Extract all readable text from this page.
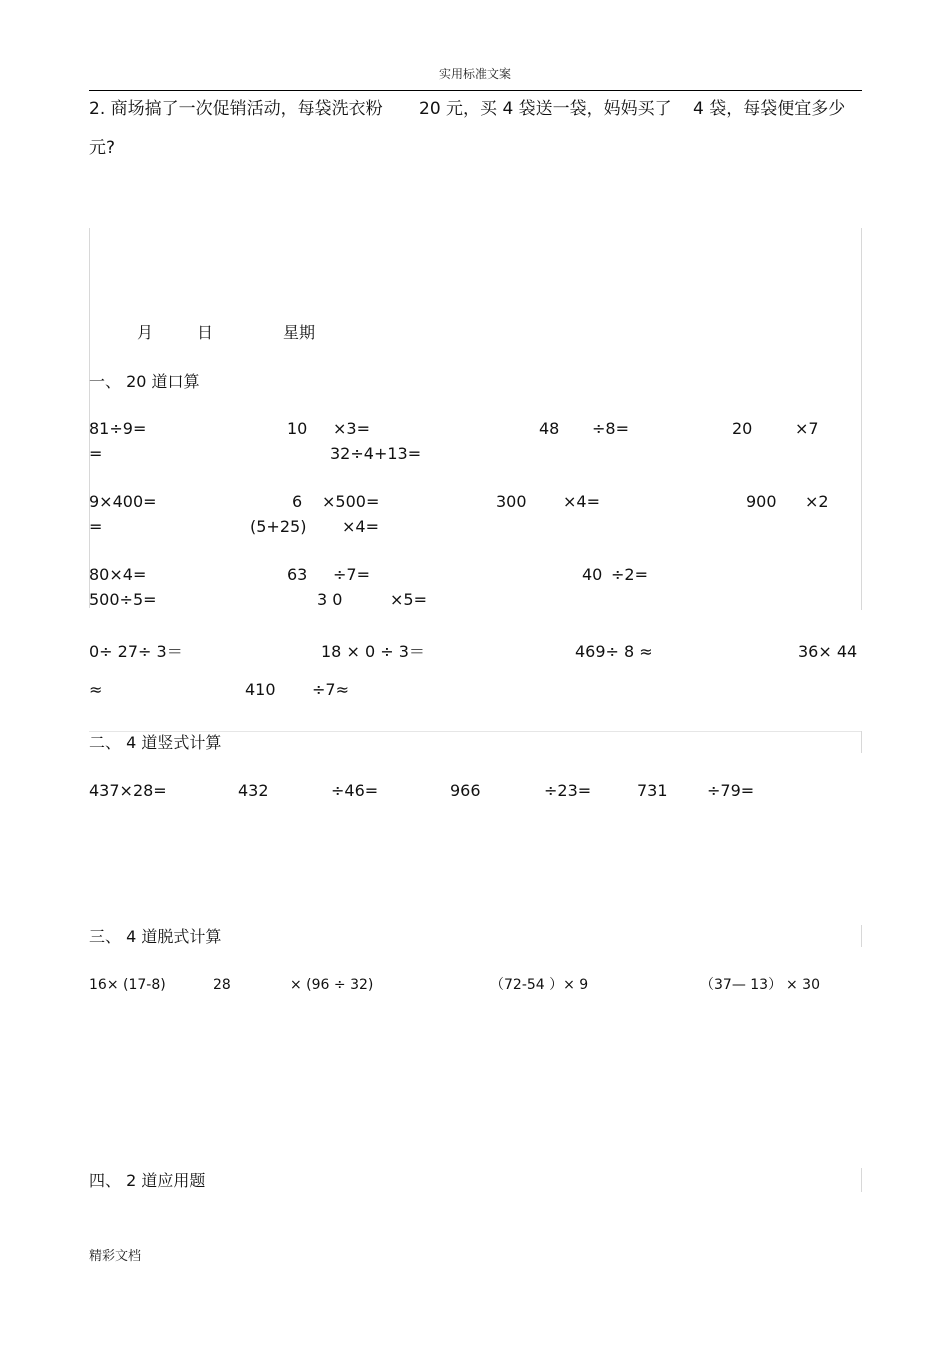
实用标准文案
2. 商场搞了一次促销活动，每袋洗衣粉 20 元，买 4 袋送一袋，妈妈买了 4 袋，每袋便宜多少
元?
月	日	星期
一、 20 道口算
81÷9=	10 ×3=	48 ÷8=	20	×7
=	32÷4+13=
9×400=	6 ×500=	300 ×4=	900 ×2
=	(5+25) ×4=
80×4=	63 ÷7=	40 ÷2=
500÷5=	3 0	×5=
0÷ 27÷ 3＝	18 × 0 ÷ 3＝	469÷ 8 ≈	36× 44
≈	410 ÷7≈
二、 4 道竖式计算
437×28=	432	÷46=	966	÷23=	731 ÷79=
三、 4 道脱式计算
16× (17-8)	28	× (96 ÷ 32)	（72-54 ）× 9	（37— 13） × 30
四、 2 道应用题
精彩文档
